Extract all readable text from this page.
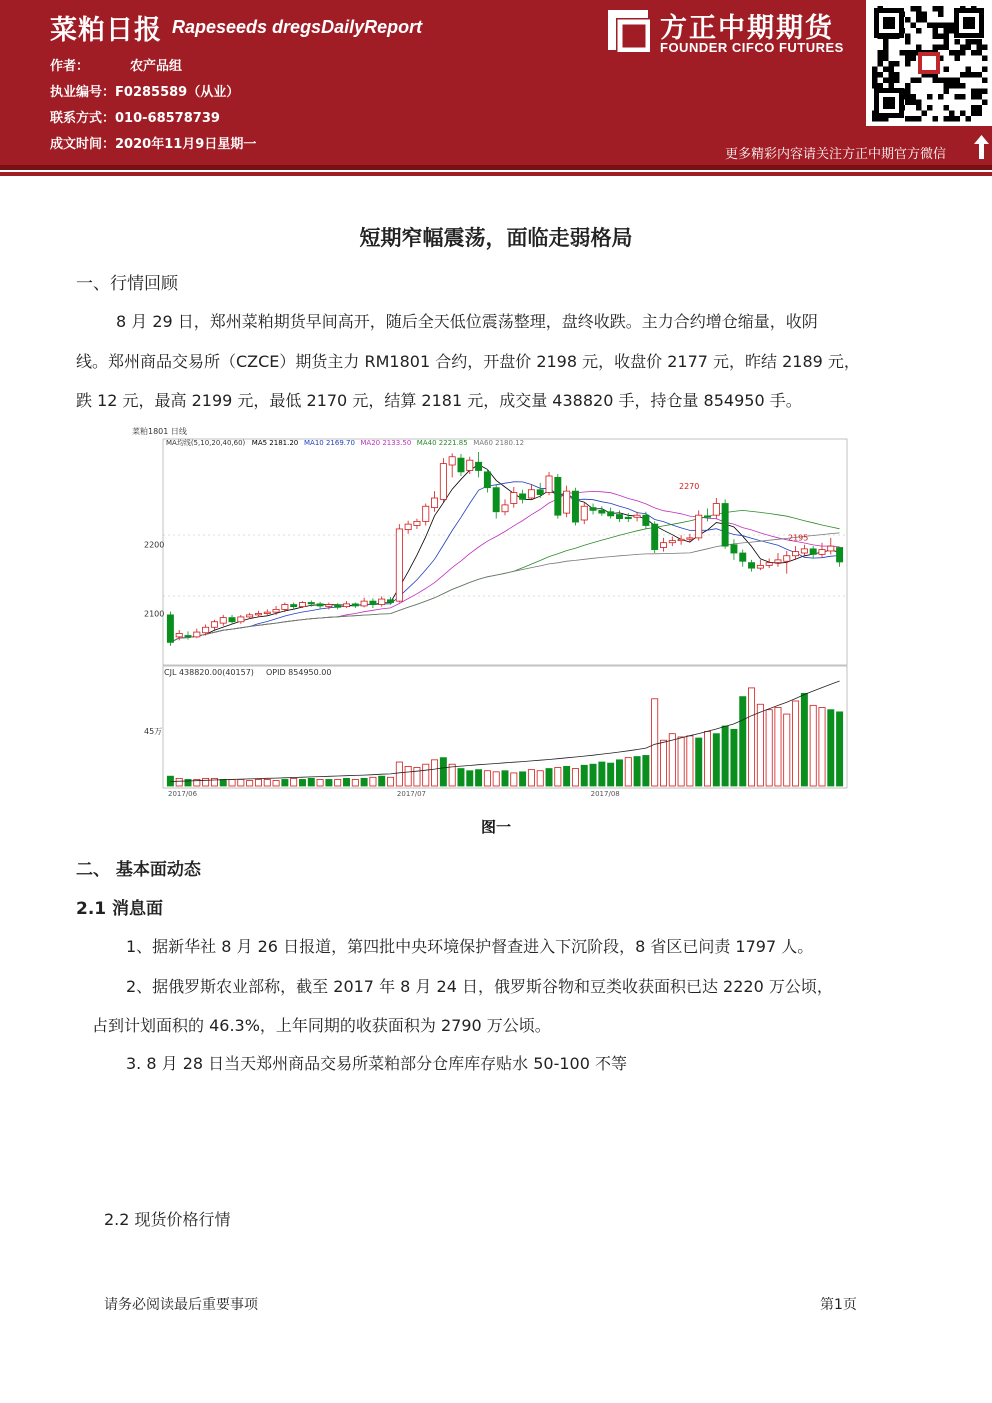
菜粕日报 Rapeseeds dregsDailyReport
作者：	农产品组
执业编号：F0285589（从业）
联系方式：010-68578739
成文时间：2020年11月9日星期一
方正中期期货
FOUNDER CIFCO FUTURES
更多精彩内容请关注方正中期官方微信
短期窄幅震荡，面临走弱格局
一、行情回顾
8 月 29 日，郑州菜粕期货早间高开，随后全天低位震荡整理，盘终收跌。主力合约增仓缩量，收阴
线。郑州商品交易所（CZCE）期货主力 RM1801 合约，开盘价 2198 元，收盘价 2177 元，昨结 2189 元，
跌 12 元，最高 2199 元，最低 2170 元，结算 2181 元，成交量 438820 手，持仓量 854950 手。
菜粕1801 日线
MA均线(5,10,20,40,60) MA5 2181.20 MA10 2169.70 MA20 2133.50 MA40 2221.85 MA60 2180.12
2270
2200
2100
2195
CJL 438820.00(40157) OPID 854950.00
45万
2017/06	2017/07	2017/08
图一
二、 基本面动态
2.1 消息面
1、据新华社 8 月 26 日报道，第四批中央环境保护督查进入下沉阶段，8 省区已问责 1797 人。
2、据俄罗斯农业部称，截至 2017 年 8 月 24 日，俄罗斯谷物和豆类收获面积已达 2220 万公顷，
占到计划面积的 46.3%，上年同期的收获面积为 2790 万公顷。
3. 8 月 28 日当天郑州商品交易所菜粕部分仓库库存贴水 50-100 不等
2.2 现货价格行情
请务必阅读最后重要事项	第1页
